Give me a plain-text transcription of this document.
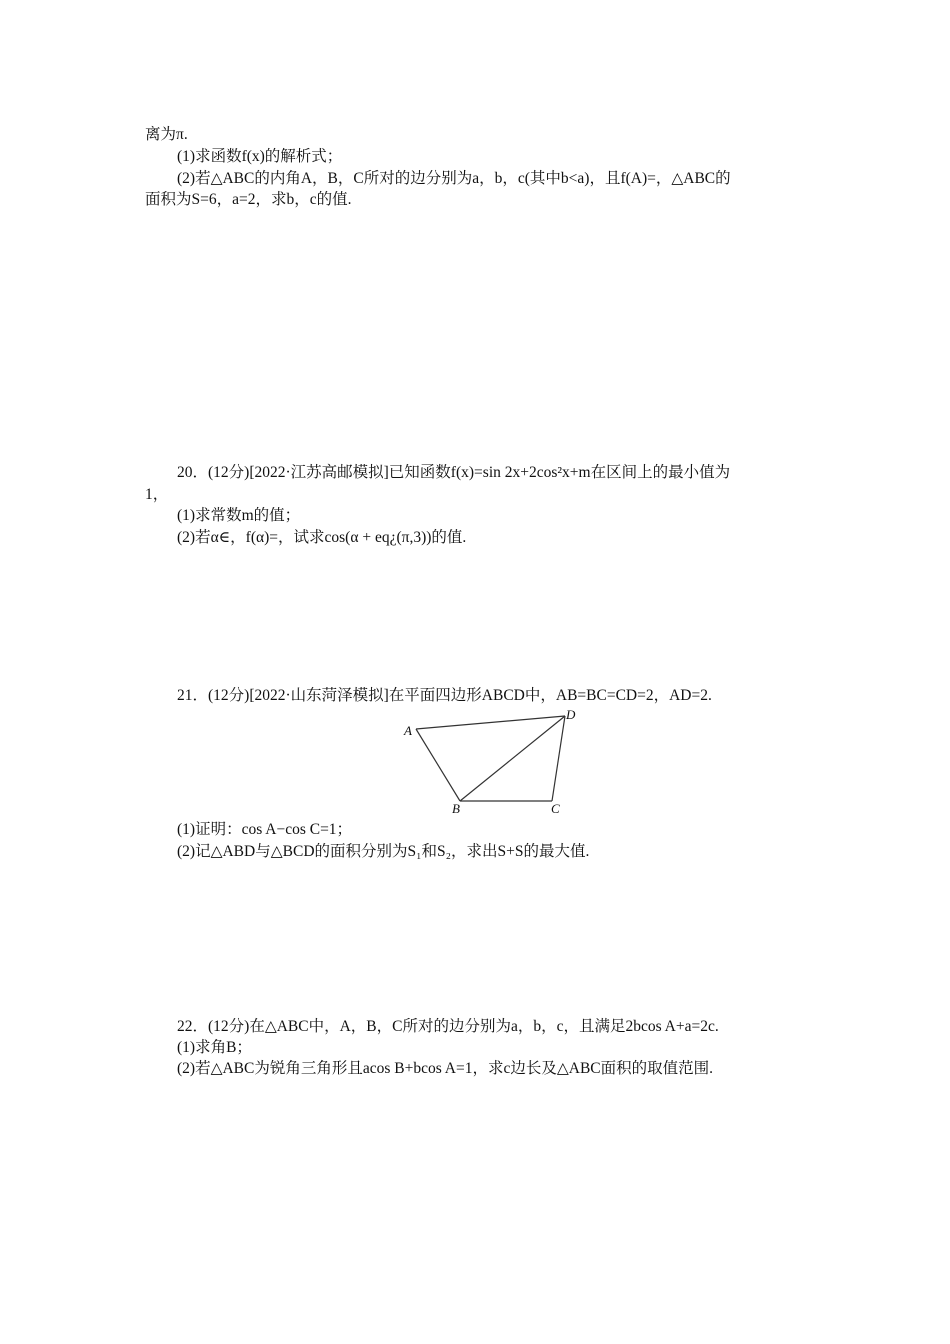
离为π.
(1)求函数f(x)的解析式；
(2)若△ABC的内角A，B，C所对的边分别为a，b，c(其中b<a)，且f(A)=，△ABC的
面积为S=6，a=2，求b，c的值.
20．(12分)[2022·江苏高邮模拟]已知函数f(x)=sin 2x+2cos²x+m在区间上的最小值为
1，
(1)求常数m的值；
(2)若α∈，f(α)=，试求cos(α + eq¿(π,3))的值.
21．(12分)[2022·山东菏泽模拟]在平面四边形ABCD中，AB=BC=CD=2，AD=2.
A
B	C
D
(1)证明：cos A−cos C=1；
(2)记△ABD与△BCD的面积分别为S₁和S₂，求出S+S的最大值.
22．(12分)在△ABC中，A，B，C所对的边分别为a，b，c，且满足2bcos A+a=2c.
(1)求角B；
(2)若△ABC为锐角三角形且acos B+bcos A=1，求c边长及△ABC面积的取值范围.
